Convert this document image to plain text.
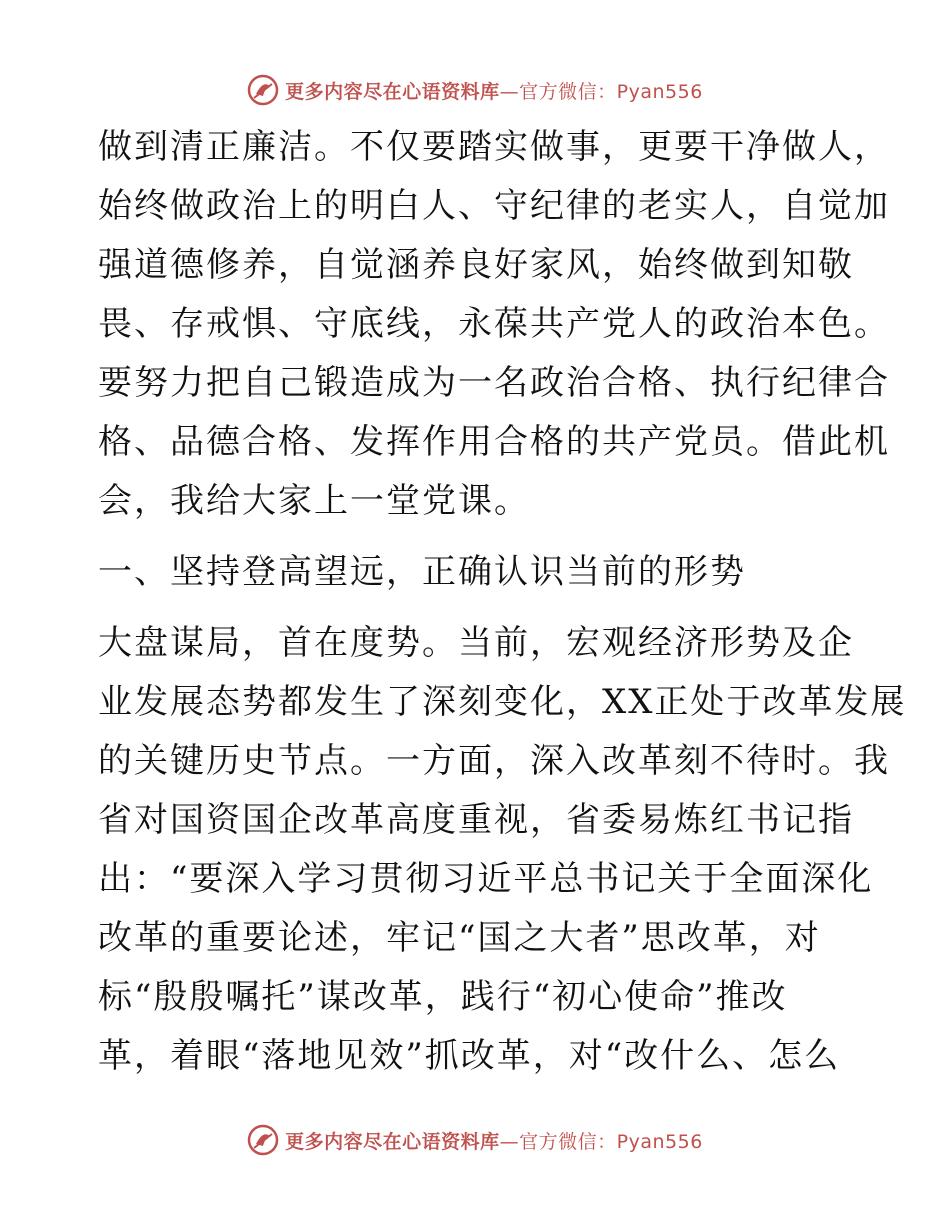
更多内容尽在心语资料库 —官方微信：Pyan556
做到清正廉洁。不仅要踏实做事，更要干净做人，
始终做政治上的明白人、守纪律的老实人，自觉加
强道德修养，自觉涵养良好家风，始终做到知敬
畏、存戒惧、守底线，永葆共产党人的政治本色。
要努力把自己锻造成为一名政治合格、执行纪律合
格、品德合格、发挥作用合格的共产党员。借此机
会，我给大家上一堂党课。
一、坚持登高望远，正确认识当前的形势
大盘谋局，首在度势。当前，宏观经济形势及企
业发展态势都发生了深刻变化，XX正处于改革发展
的关键历史节点。一方面，深入改革刻不待时。我
省对国资国企改革高度重视，省委易炼红书记指
出：“要深入学习贯彻习近平总书记关于全面深化
改革的重要论述，牢记“国之大者”思改革，对
标“殷殷嘱托”谋改革，践行“初心使命”推改
革，着眼“落地见效”抓改革，对“改什么、怎么
更多内容尽在心语资料库 —官方微信：Pyan556
